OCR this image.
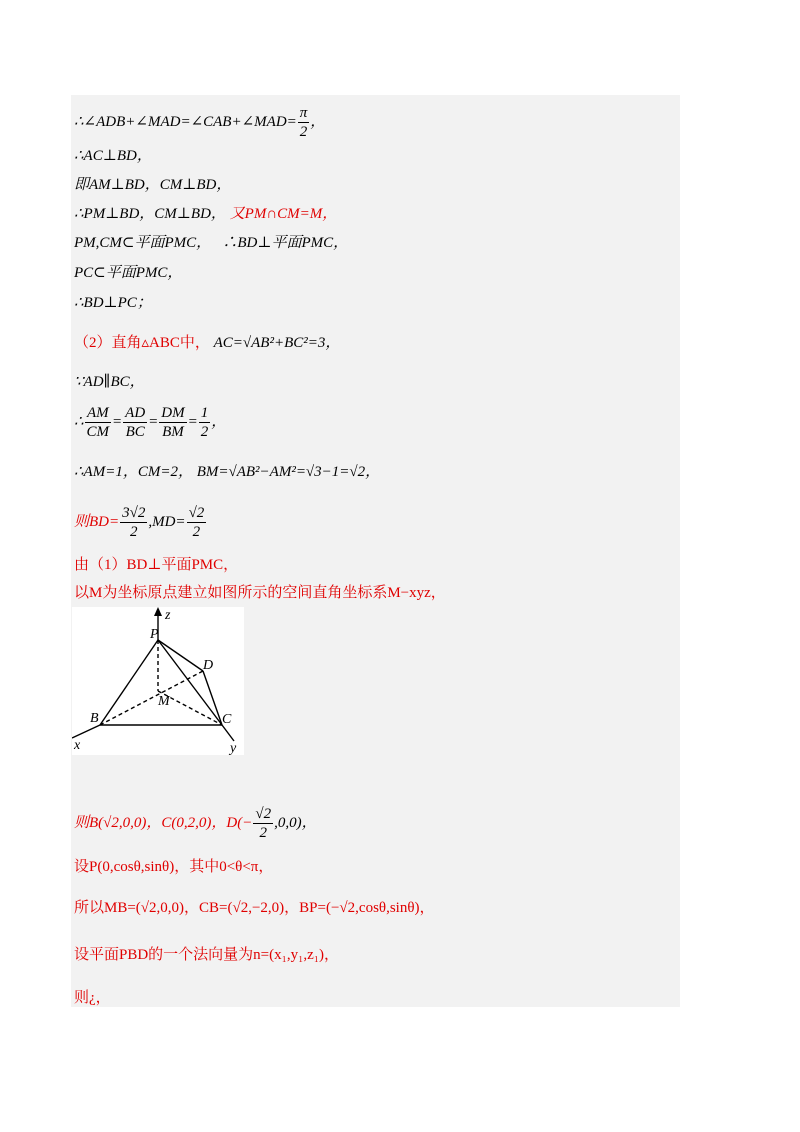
∴∠ADB+∠MAD=∠CAB+∠MAD= $\frac{\pi}{2}$ ，
∴AC⊥BD，
即AM⊥BD，CM⊥BD，
∴PM⊥BD，CM⊥BD， 又PM∩CM=M，
PM,CM⊂平面PMC， ∴BD⊥平面PMC，
PC⊂平面PMC，
∴BD⊥PC；
（2）直角▵ABC中， AC=√AB²+BC²=3，
∵AD∥BC，
∴ $\frac{AM}{CM} = \frac{AD}{BC} = \frac{DM}{BM} = \frac{1}{2}$ ，
∴AM=1，CM=2， BM=√AB²−AM²=√3−1=√2，
则$BD= \frac{3√2}{2} ,MD= \frac{√2}{2}$
由（1）BD⊥平面PMC，
以M为坐标原点建立如图所示的空间直角坐标系M−xyz，
P
D
M
B	C
x	y
z
则B(√2,0,0)，C(0,2,0)，$D(- \frac{√2}{2} ,0,0)$，
设P(0,cosθ,sinθ)，其中0<θ<π，
所以MB=(√2,0,0)，CB=(√2,−2,0)，BP=(−√2,cosθ,sinθ)，
设平面PBD的一个法向量为n=(x₁,y₁,z₁)，
则¿，
